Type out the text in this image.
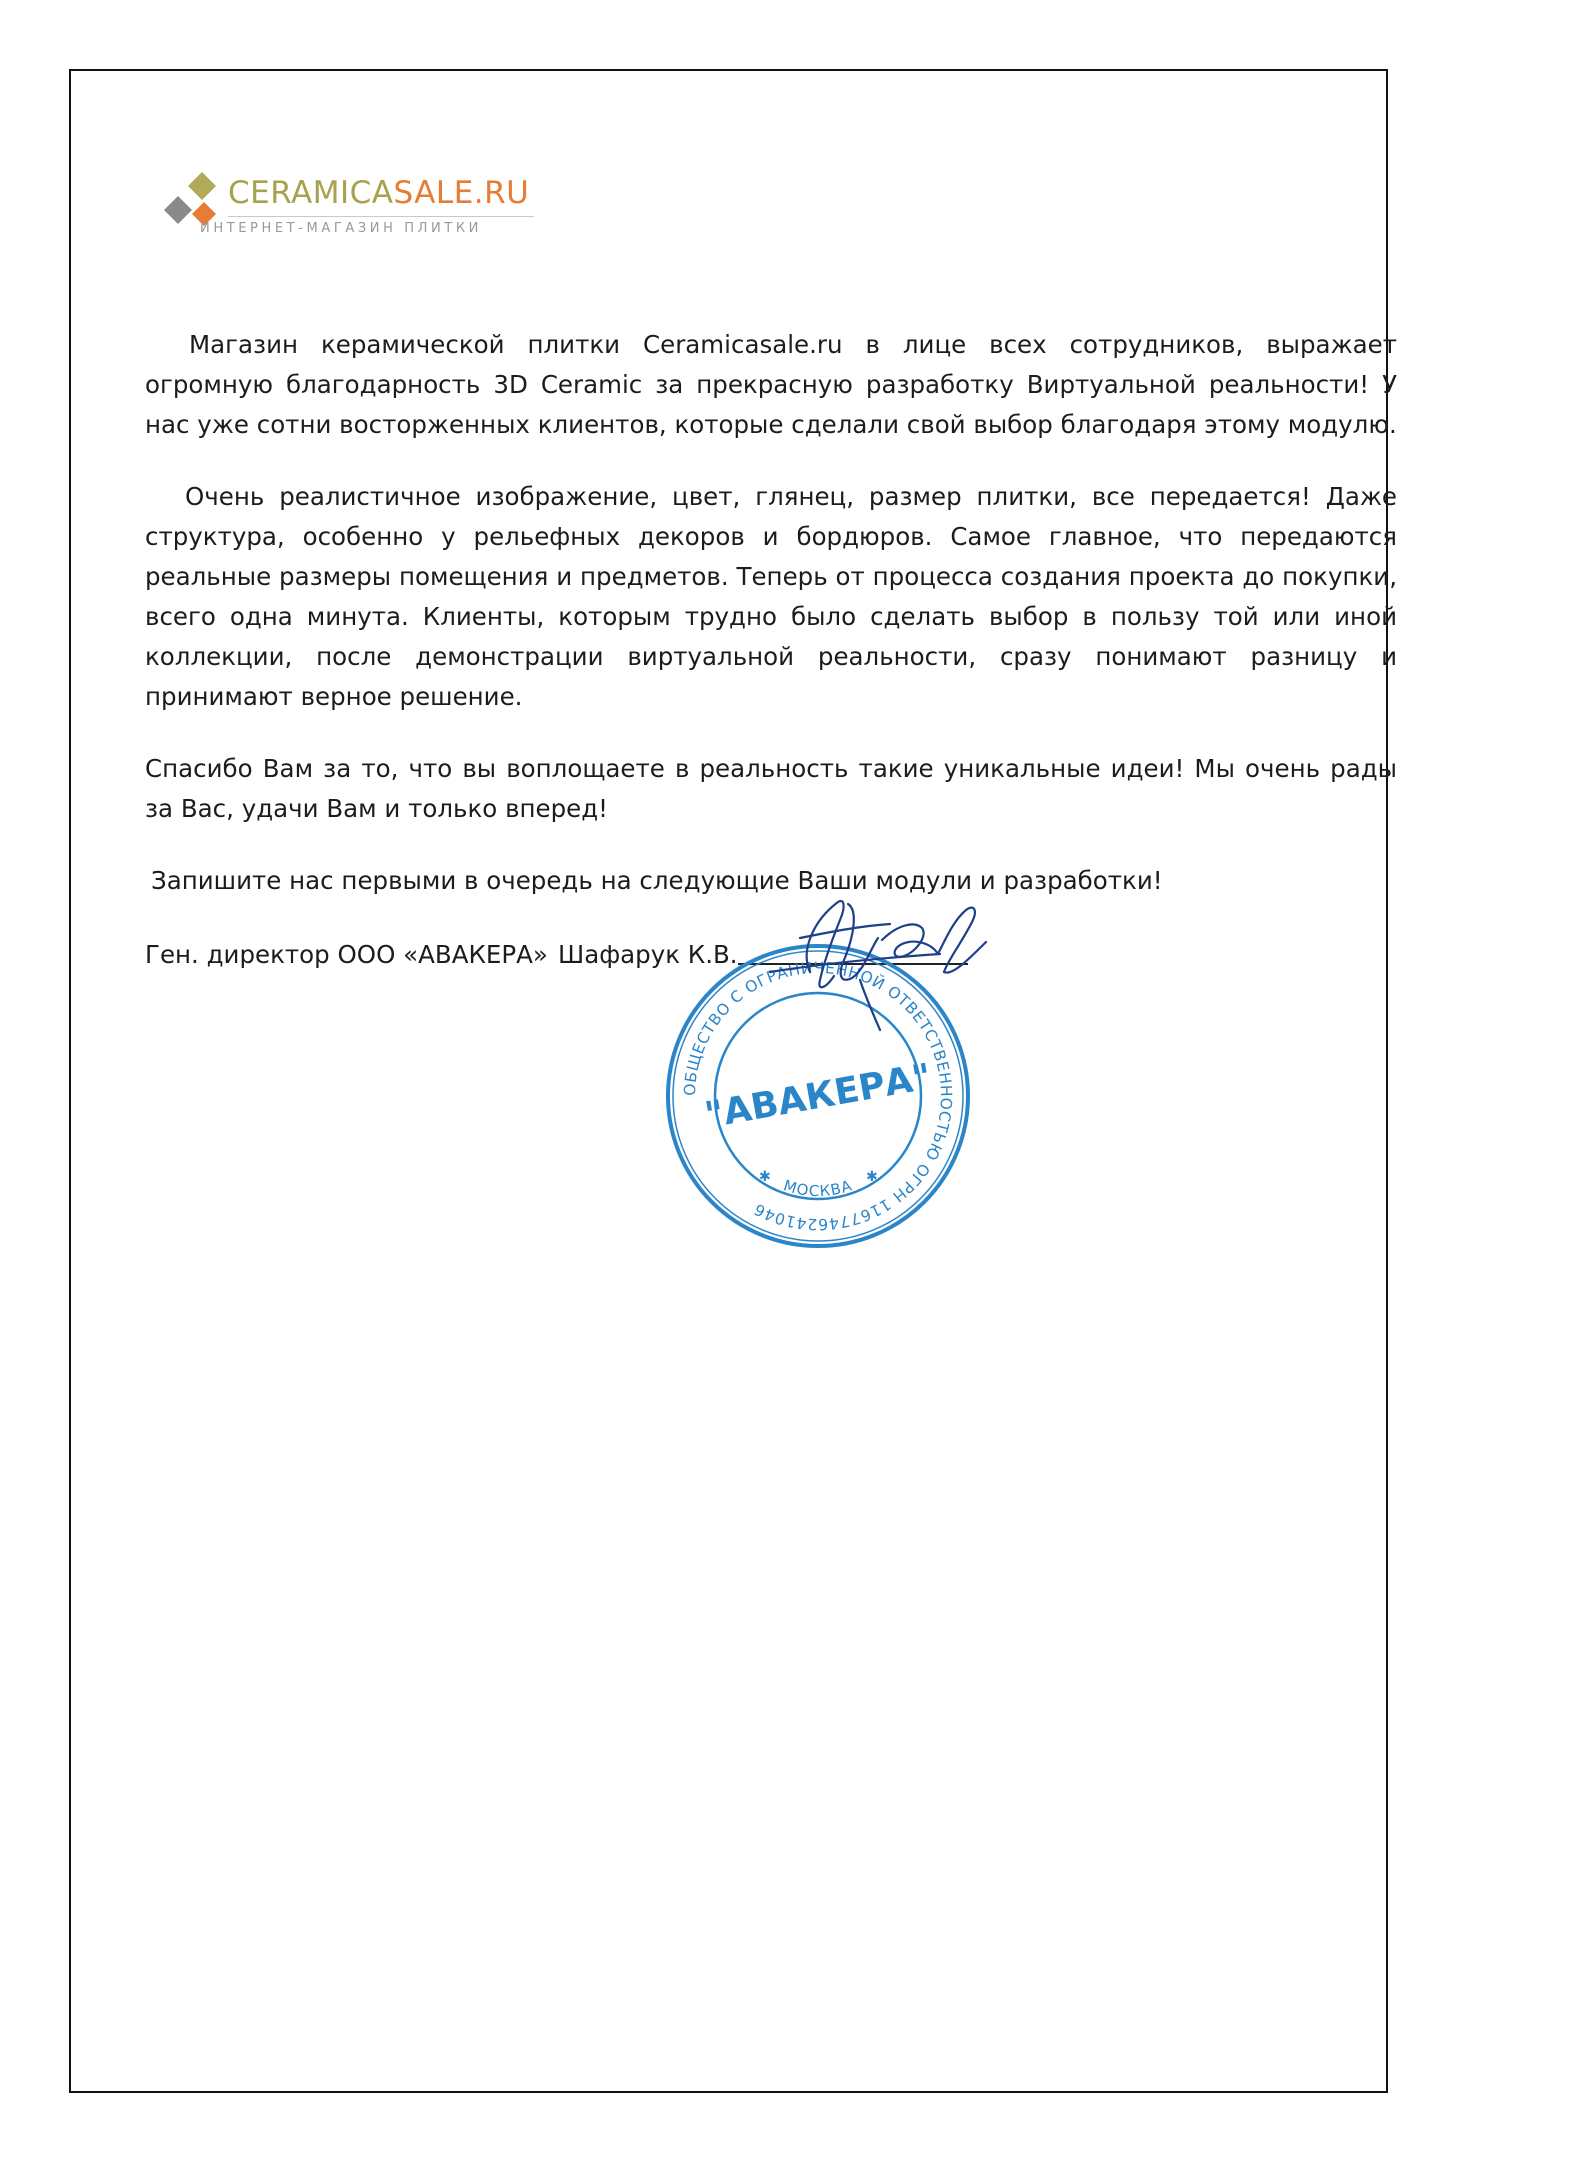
CERAMICASALE.RU
ИНТЕРНЕТ-МАГАЗИН ПЛИТКИ

Магазин керамической плитки Ceramicasale.ru в лице всех сотрудников, выражает огромную благодарность 3D Ceramic за прекрасную разработку Виртуальной реальности! У нас уже сотни восторженных клиентов, которые сделали свой выбор благодаря этому модулю.

Очень реалистичное изображение, цвет, глянец, размер плитки, все передается! Даже структура, особенно у рельефных декоров и бордюров. Самое главное, что передаются реальные размеры помещения и предметов. Теперь от процесса создания проекта до покупки, всего одна минута. Клиенты, которым трудно было сделать выбор в пользу той или иной коллекции, после демонстрации виртуальной реальности, сразу понимают разницу и принимают верное решение.

Спасибо Вам за то, что вы воплощаете в реальность такие уникальные идеи! Мы очень рады за Вас, удачи Вам и только вперед!

Запишите нас первыми в очередь на следующие Ваши модули и разработки!

Ген. директор ООО «АВАКЕРА» Шафарук К.В.
ОБЩЕСТВО С ОГРАНИЧЕННОЙ ОТВЕТСТВЕННОСТЬЮ ОГРН 1167746241046
"АВАКЕРА"
МОСКВА
✱	✱
